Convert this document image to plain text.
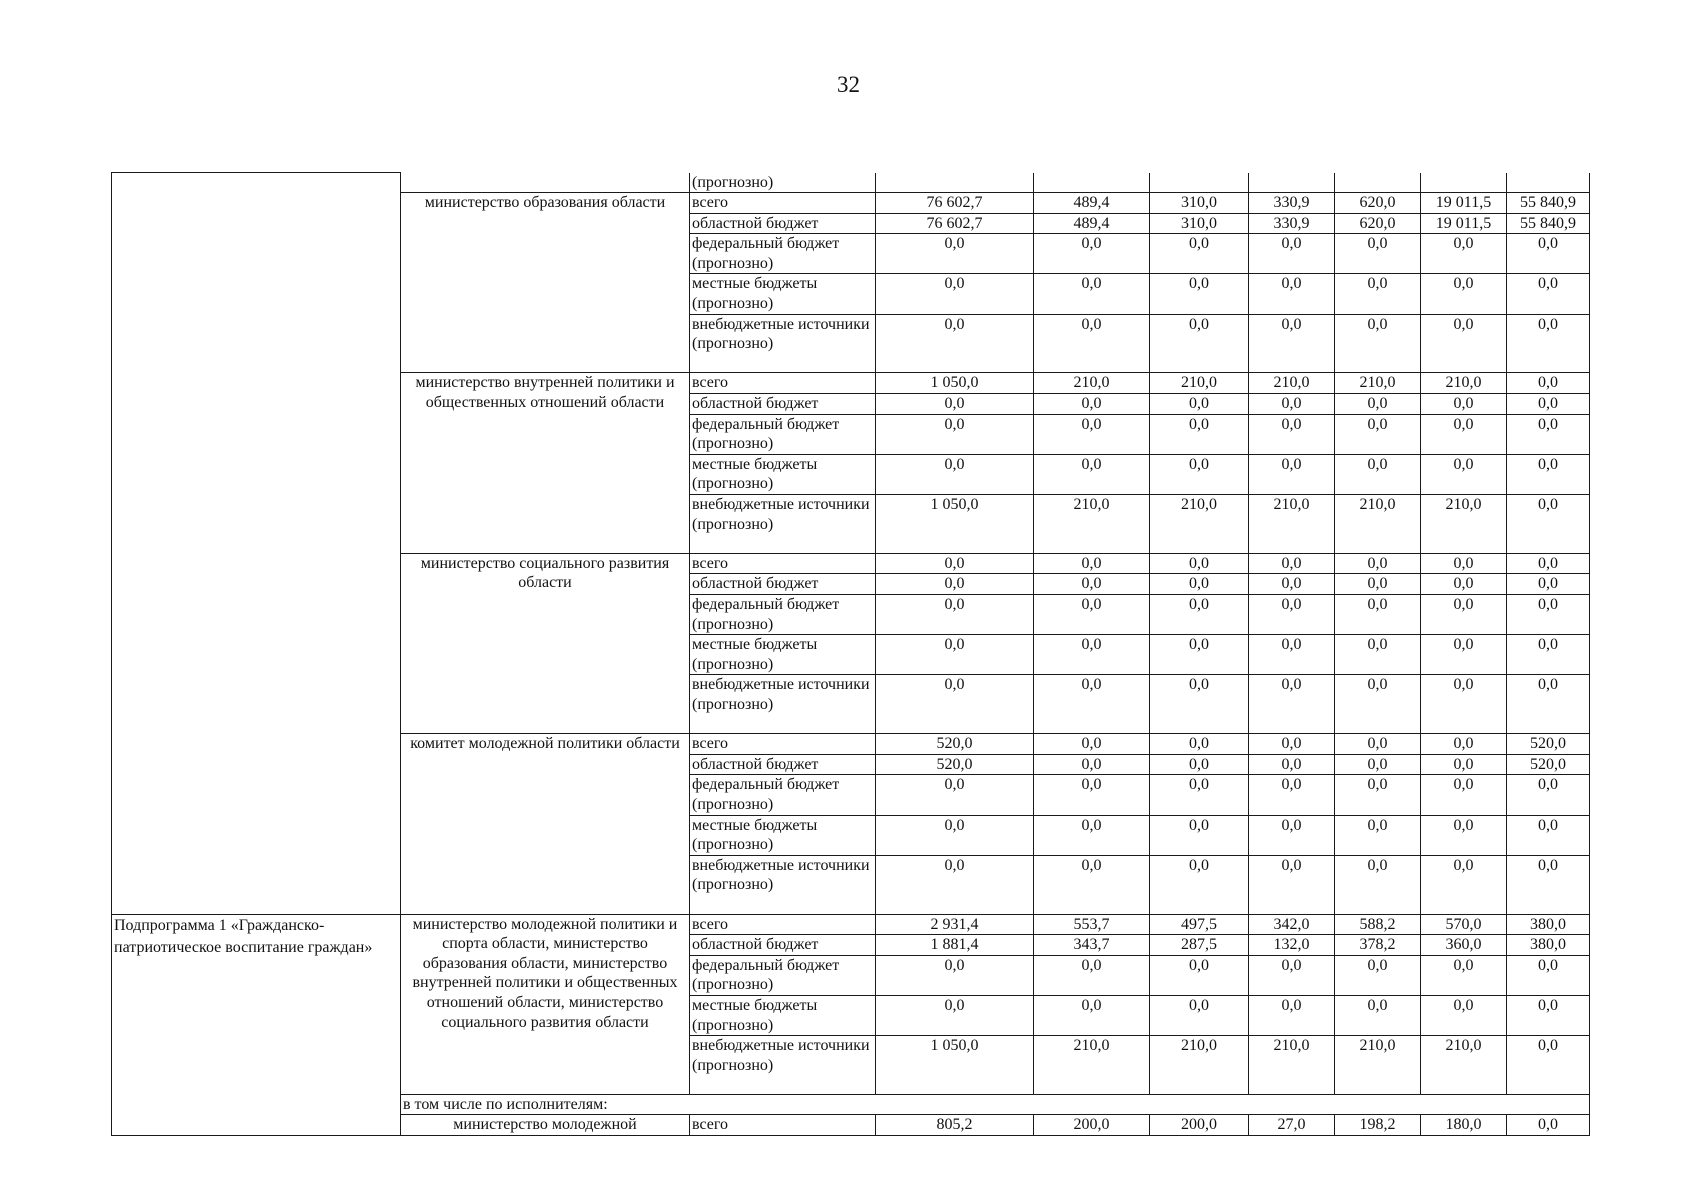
32
		(прогнозно)							
	министерство образования области	всего	76 602,7	489,4	310,0	330,9	620,0	19 011,5	55 840,9
		областной бюджет	76 602,7	489,4	310,0	330,9	620,0	19 011,5	55 840,9
		федеральный бюджет (прогнозно)	0,0	0,0	0,0	0,0	0,0	0,0	0,0
		местные бюджеты (прогнозно)	0,0	0,0	0,0	0,0	0,0	0,0	0,0
		внебюджетные источники (прогнозно)	0,0	0,0	0,0	0,0	0,0	0,0	0,0
	министерство внутренней политики и общественных отношений области	всего	1 050,0	210,0	210,0	210,0	210,0	210,0	0,0
		областной бюджет	0,0	0,0	0,0	0,0	0,0	0,0	0,0
		федеральный бюджет (прогнозно)	0,0	0,0	0,0	0,0	0,0	0,0	0,0
		местные бюджеты (прогнозно)	0,0	0,0	0,0	0,0	0,0	0,0	0,0
		внебюджетные источники (прогнозно)	1 050,0	210,0	210,0	210,0	210,0	210,0	0,0
	министерство социального развития области	всего	0,0	0,0	0,0	0,0	0,0	0,0	0,0
		областной бюджет	0,0	0,0	0,0	0,0	0,0	0,0	0,0
		федеральный бюджет (прогнозно)	0,0	0,0	0,0	0,0	0,0	0,0	0,0
		местные бюджеты (прогнозно)	0,0	0,0	0,0	0,0	0,0	0,0	0,0
		внебюджетные источники (прогнозно)	0,0	0,0	0,0	0,0	0,0	0,0	0,0
	комитет молодежной политики области	всего	520,0	0,0	0,0	0,0	0,0	0,0	520,0
		областной бюджет	520,0	0,0	0,0	0,0	0,0	0,0	520,0
		федеральный бюджет (прогнозно)	0,0	0,0	0,0	0,0	0,0	0,0	0,0
		местные бюджеты (прогнозно)	0,0	0,0	0,0	0,0	0,0	0,0	0,0
		внебюджетные источники (прогнозно)	0,0	0,0	0,0	0,0	0,0	0,0	0,0
Подпрограмма 1 «Гражданско-патриотическое воспитание граждан»	министерство молодежной политики и спорта области, министерство образования области, министерство внутренней политики и общественных отношений области, министерство социального развития области	всего	2 931,4	553,7	497,5	342,0	588,2	570,0	380,0
		областной бюджет	1 881,4	343,7	287,5	132,0	378,2	360,0	380,0
		федеральный бюджет (прогнозно)	0,0	0,0	0,0	0,0	0,0	0,0	0,0
		местные бюджеты (прогнозно)	0,0	0,0	0,0	0,0	0,0	0,0	0,0
		внебюджетные источники (прогнозно)	1 050,0	210,0	210,0	210,0	210,0	210,0	0,0
	в том числе по исполнителям:								
	министерство молодежной	всего	805,2	200,0	200,0	27,0	198,2	180,0	0,0
